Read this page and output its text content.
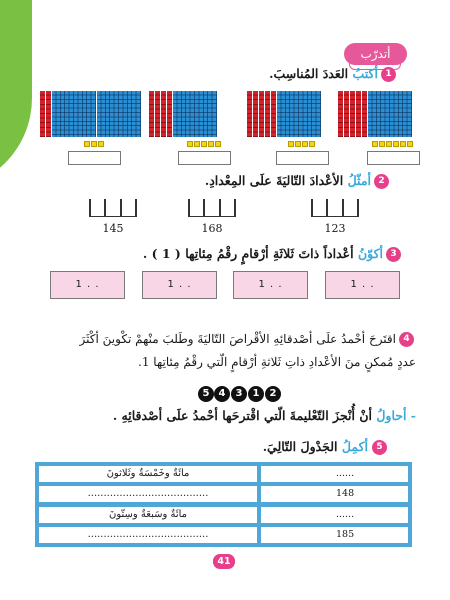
أتدرّب
1
أكتبُ العَددَ المُناسِبَ.
2
أمثّلُ الأعْدادَ التّاليَةَ علَى المِعْدادِ.
145	168	123
3
أكوّنُ أعْداداً ذاتَ ثَلاثَةِ أرْقامٍ رقْمُ مِئاتِها ( 1 ) .
1 . .	1 . .	1 . .	1 . .
4
اقتَرحَ أحْمدُ علَى أصْدقائِهِ الأقْراصَ التّاليَةَ وطَلبَ منْهمْ تكْوينَ أكْثَرَ
عددٍ مُمكنٍ منَ الأعْدادِ ذاتِ ثَلاثةِ أرْقامٍ الّتي رقْمُ مِئاتِها 1.
5 4	3	1	2
- أحاولُ أنْ أُنْجزَ التّعْليمةَ الّتي اقْترحَها أحْمدُ علَى أصْدقائِهِ .
5
أكمِلُ الجَدْولَ التّالِيَ.
مائَةٌ وخَمْسَةٌ وثَلاثونَ	......
......................................	148
مائَةٌ وسَبعَةٌ وسِتّونَ	......
......................................	185
41
